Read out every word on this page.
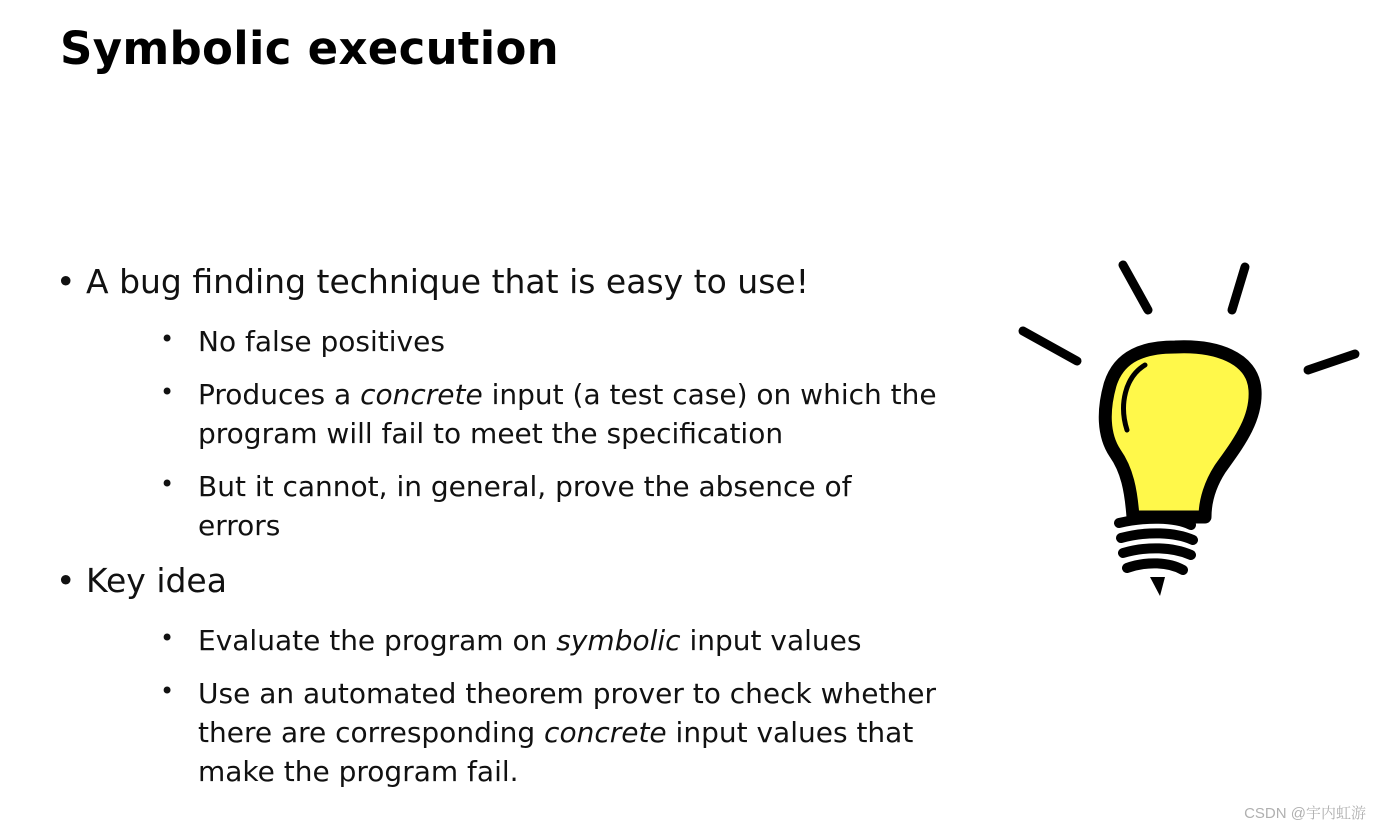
Symbolic execution
• A bug finding technique that is easy to use!
• No false positives
• Produces a concrete input (a test case) on which the program will fail to meet the specification
• But it cannot, in general, prove the absence of errors
• Key idea
• Evaluate the program on symbolic input values
• Use an automated theorem prover to check whether there are corresponding concrete input values that make the program fail.
CSDN @宇内虹游
